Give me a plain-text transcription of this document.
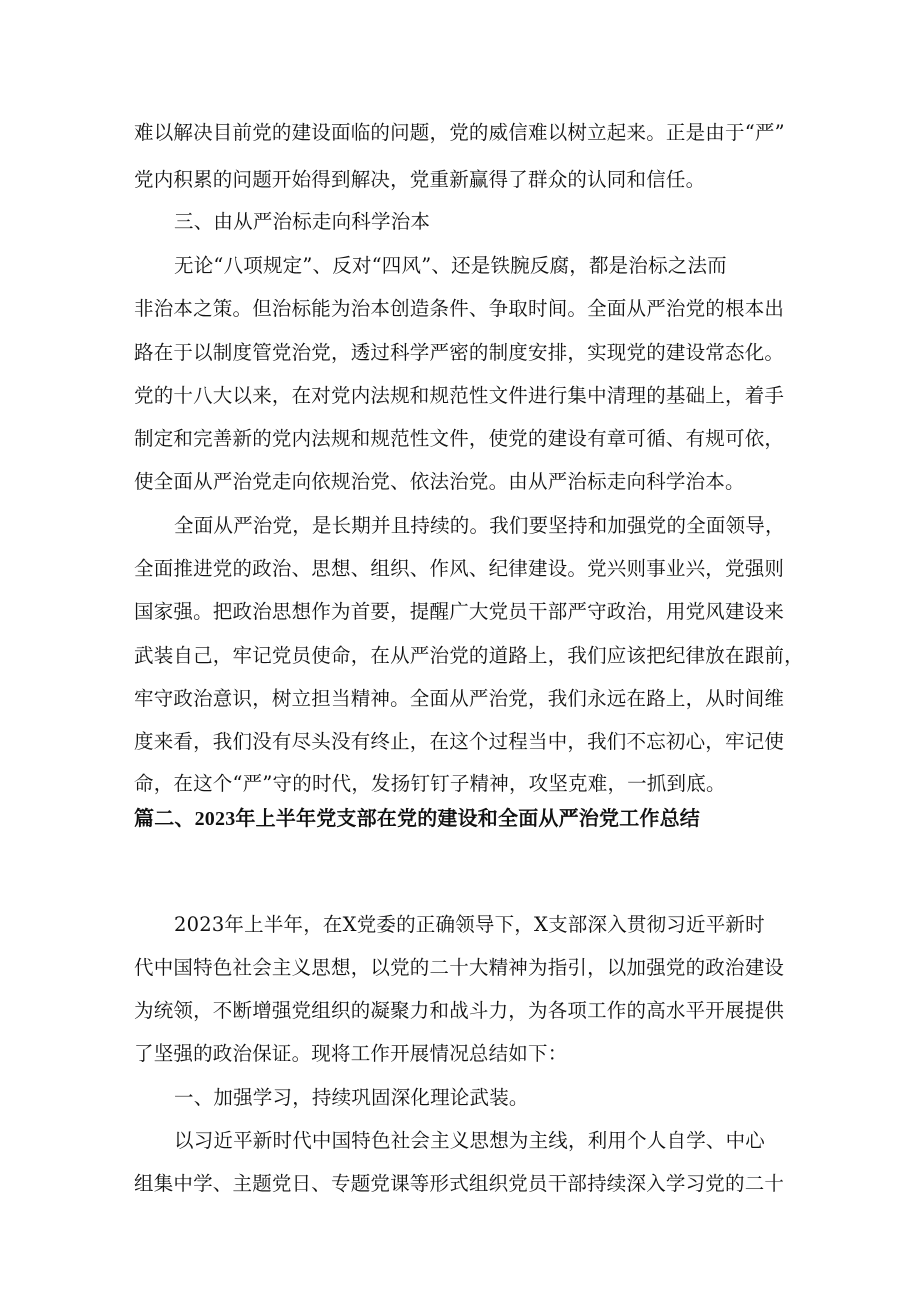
难以解决目前党的建设面临的问题，党的威信难以树立起来。正是由于“严”
党内积累的问题开始得到解决，党重新赢得了群众的认同和信任。
三、由从严治标走向科学治本
无论“八项规定”、反对“四风”、还是铁腕反腐，都是治标之法而
非治本之策。但治标能为治本创造条件、争取时间。全面从严治党的根本出
路在于以制度管党治党，透过科学严密的制度安排，实现党的建设常态化。
党的十八大以来，在对党内法规和规范性文件进行集中清理的基础上，着手
制定和完善新的党内法规和规范性文件，使党的建设有章可循、有规可依，
使全面从严治党走向依规治党、依法治党。由从严治标走向科学治本。
全面从严治党，是长期并且持续的。我们要坚持和加强党的全面领导，
全面推进党的政治、思想、组织、作风、纪律建设。党兴则事业兴，党强则
国家强。把政治思想作为首要，提醒广大党员干部严守政治，用党风建设来
武装自己，牢记党员使命，在从严治党的道路上，我们应该把纪律放在跟前，
牢守政治意识，树立担当精神。全面从严治党，我们永远在路上，从时间维
度来看，我们没有尽头没有终止，在这个过程当中，我们不忘初心，牢记使
命，在这个“严”守的时代，发扬钉钉子精神，攻坚克难，一抓到底。
篇二、2023年上半年党支部在党的建设和全面从严治党工作总结
2023年上半年，在X党委的正确领导下，X支部深入贯彻习近平新时
代中国特色社会主义思想，以党的二十大精神为指引，以加强党的政治建设
为统领，不断增强党组织的凝聚力和战斗力，为各项工作的高水平开展提供
了坚强的政治保证。现将工作开展情况总结如下：
一、加强学习，持续巩固深化理论武装。
以习近平新时代中国特色社会主义思想为主线，利用个人自学、中心
组集中学、主题党日、专题党课等形式组织党员干部持续深入学习党的二十
